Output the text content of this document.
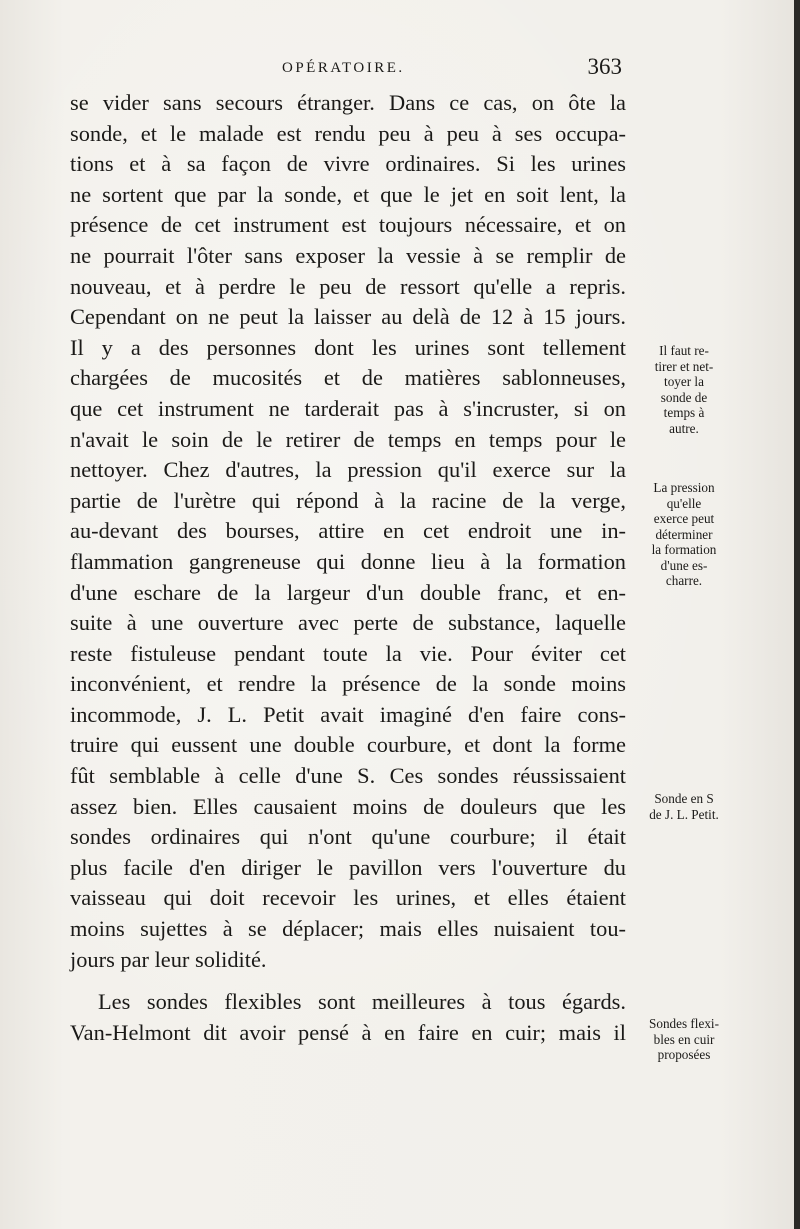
OPÉRATOIRE.	363
se vider sans secours étranger. Dans ce cas, on ôte la
sonde, et le malade est rendu peu à peu à ses occupa-
tions et à sa façon de vivre ordinaires. Si les urines
ne sortent que par la sonde, et que le jet en soit lent, la
présence de cet instrument est toujours nécessaire, et on
ne pourrait l'ôter sans exposer la vessie à se remplir de
nouveau, et à perdre le peu de ressort qu'elle a repris.
Cependant on ne peut la laisser au delà de 12 à 15 jours.
Il y a des personnes dont les urines sont tellement
chargées de mucosités et de matières sablonneuses,
que cet instrument ne tarderait pas à s'incruster, si on
n'avait le soin de le retirer de temps en temps pour le
nettoyer. Chez d'autres, la pression qu'il exerce sur la
partie de l'urètre qui répond à la racine de la verge,
au-devant des bourses, attire en cet endroit une in-
flammation gangreneuse qui donne lieu à la formation
d'une eschare de la largeur d'un double franc, et en-
suite à une ouverture avec perte de substance, laquelle
reste fistuleuse pendant toute la vie. Pour éviter cet
inconvénient, et rendre la présence de la sonde moins
incommode, J. L. Petit avait imaginé d'en faire cons-
truire qui eussent une double courbure, et dont la forme
fût semblable à celle d'une S. Ces sondes réussissaient
assez bien. Elles causaient moins de douleurs que les
sondes ordinaires qui n'ont qu'une courbure; il était
plus facile d'en diriger le pavillon vers l'ouverture du
vaisseau qui doit recevoir les urines, et elles étaient
moins sujettes à se déplacer; mais elles nuisaient tou-
jours par leur solidité.
Les sondes flexibles sont meilleures à tous égards.
Van-Helmont dit avoir pensé à en faire en cuir; mais il
Il faut re-
tirer et net-
toyer la
sonde de
temps à
autre.
La pression
qu'elle
exerce peut
déterminer
la formation
d'une es-
charre.
Sonde en S
de J. L. Petit.
Sondes flexi-
bles en cuir
proposées
